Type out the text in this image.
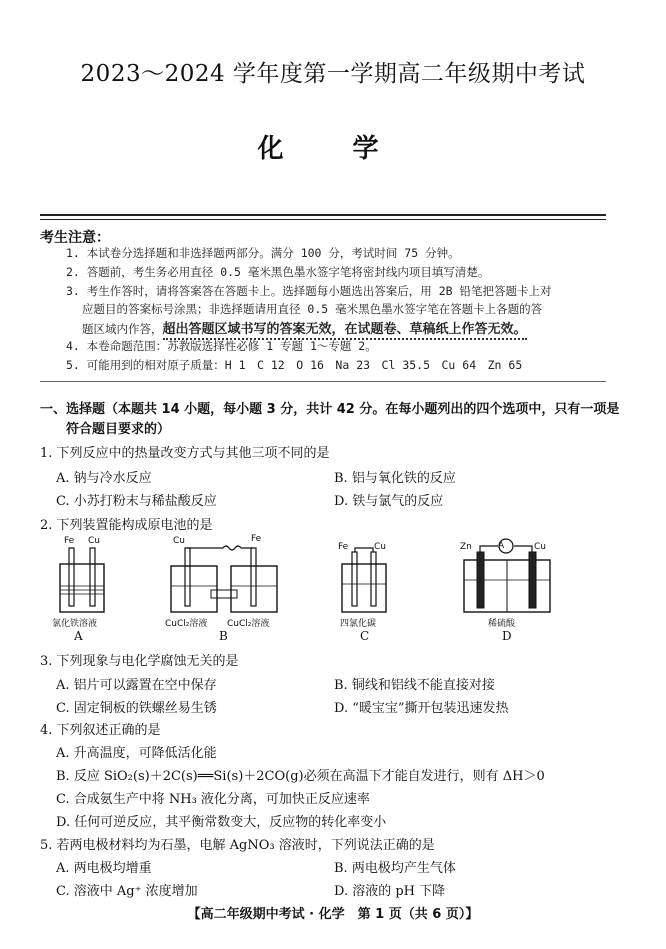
2023～2024 学年度第一学期高二年级期中考试
化 学
考生注意：
1. 本试卷分选择题和非选择题两部分。满分 100 分，考试时间 75 分钟。
2. 答题前，考生务必用直径 0.5 毫米黑色墨水签字笔将密封线内项目填写清楚。
3. 考生作答时，请将答案答在答题卡上。选择题每小题选出答案后，用 2B 铅笔把答题卡上对
应题目的答案标号涂黑；非选择题请用直径 0.5 毫米黑色墨水签字笔在答题卡上各题的答
题区域内作答，超出答题区域书写的答案无效，在试题卷、草稿纸上作答无效。
4. 本卷命题范围：苏教版选择性必修 1 专题 1～专题 2。
5. 可能用到的相对原子质量：H 1　C 12　O 16　Na 23　Cl 35.5　Cu 64　Zn 65
一、选择题（本题共 14 小题，每小题 3 分，共计 42 分。在每小题列出的四个选项中，只有一项是
符合题目要求的）
1. 下列反应中的热量改变方式与其他三项不同的是
A. 钠与冷水反应	B. 铝与氧化铁的反应
C. 小苏打粉末与稀盐酸反应	D. 铁与氯气的反应
2. 下列装置能构成原电池的是
Fe Cu
氯化铁溶液
A
Cu	Fe
CuCl₂溶液 CuCl₂溶液
B
Fe	Cu
四氯化碳
C
Zn	Cu
A
稀硫酸
D
3. 下列现象与电化学腐蚀无关的是
A. 铝片可以露置在空中保存	B. 铜线和铝线不能直接对接
C. 固定铜板的铁螺丝易生锈	D. “暖宝宝”撕开包装迅速发热
4. 下列叙述正确的是
A. 升高温度，可降低活化能
B. 反应 SiO₂(s)＋2C(s)══Si(s)＋2CO(g)必须在高温下才能自发进行，则有 ΔH＞0
C. 合成氨生产中将 NH₃ 液化分离，可加快正反应速率
D. 任何可逆反应，其平衡常数变大，反应物的转化率变小
5. 若两电极材料均为石墨，电解 AgNO₃ 溶液时，下列说法正确的是
A. 两电极均增重	B. 两电极均产生气体
C. 溶液中 Ag⁺ 浓度增加	D. 溶液的 pH 下降
【高二年级期中考试 · 化学　第 1 页（共 6 页）】
